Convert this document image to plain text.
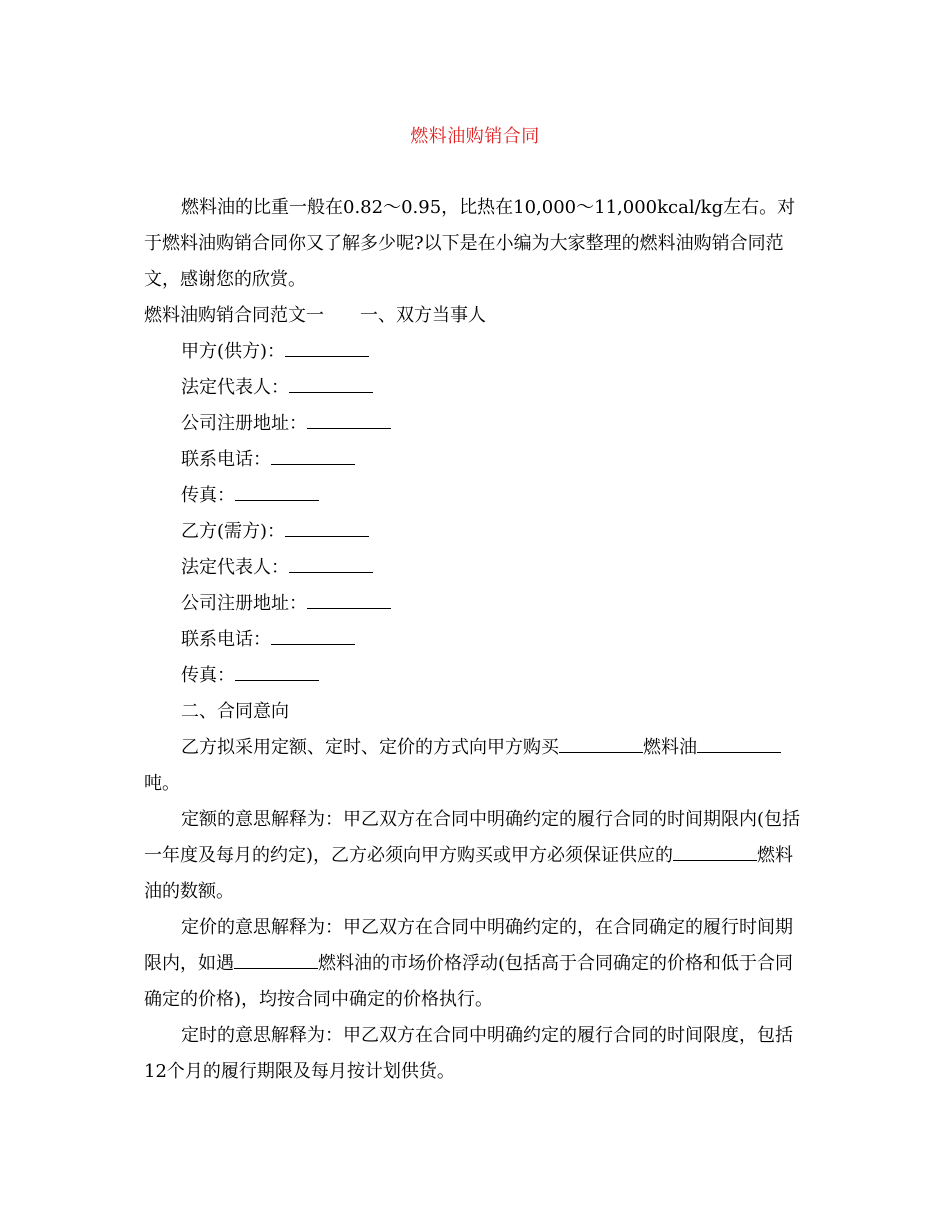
燃料油购销合同

燃料油的比重一般在0.82～0.95，比热在10,000～11,000kcal/kg左右。对于燃料油购销合同你又了解多少呢?以下是在小编为大家整理的燃料油购销合同范文，感谢您的欣赏。

燃料油购销合同范文一 一、双方当事人

甲方(供方)：

法定代表人：

公司注册地址：

联系电话：

传真：

乙方(需方)：

法定代表人：

公司注册地址：

联系电话：

传真：

二、合同意向

乙方拟采用定额、定时、定价的方式向甲方购买	燃料油吨。

定额的意思解释为：甲乙双方在合同中明确约定的履行合同的时间期限内(包括一年度及每月的约定)，乙方必须向甲方购买或甲方必须保证供应的	燃料油的数额。

定价的意思解释为：甲乙双方在合同中明确约定的，在合同确定的履行时间期限内，如遇	燃料油的市场价格浮动(包括高于合同确定的价格和低于合同确定的价格)，均按合同中确定的价格执行。

定时的意思解释为：甲乙双方在合同中明确约定的履行合同的时间限度，包括12个月的履行期限及每月按计划供货。
